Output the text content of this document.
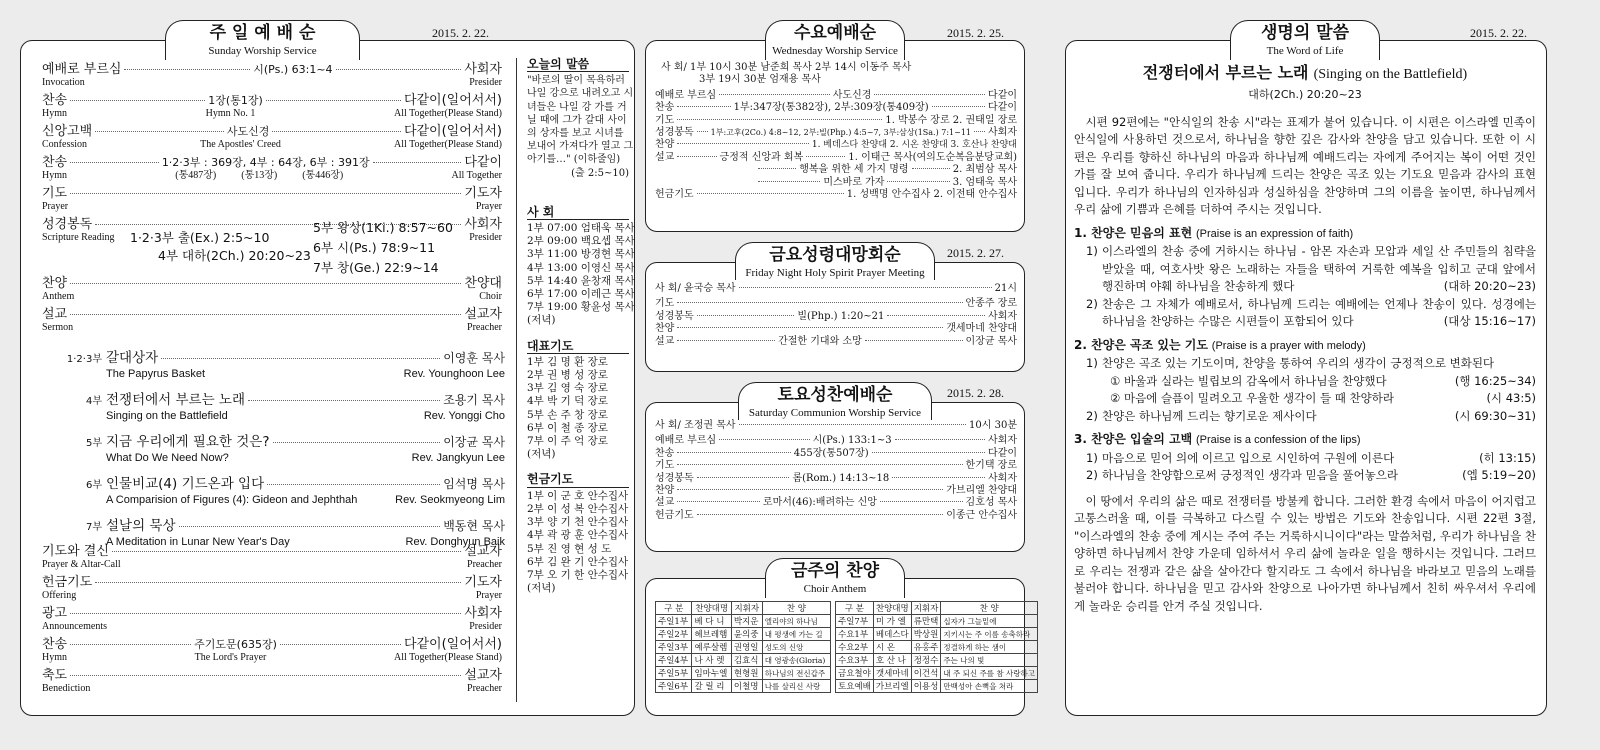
주 일 예 배 순
Sunday Worship Service
2015. 2. 22.
예배로 부르심	시(Ps.) 63:1~4	사회자
Invocation	Presider
찬송	1장(통1장)	다같이(일어서서)
Hymn	Hymn No. 1	All Together(Please Stand)
신앙고백	사도신경	다같이(일어서서)
Confession	The Apostles' Creed	All Together(Please Stand)
찬송	1·2·3부 : 369장, 4부 : 64장, 6부 : 391장	다같이
Hymn	(통487장)          (통13장)          (통446장)	All Together
기도	기도자
Prayer	Prayer
성경봉독	사회자
Scripture Reading	Presider
1·2·3부 출(Ex.) 2:5~10
4부 대하(2Ch.) 20:20~23
5부 왕상(1Ki.) 8:57~60
6부 시(Ps.) 78:9~11
7부 창(Ge.) 22:9~14
찬양	찬양대
Anthem	Choir
설교	설교자
Sermon	Preacher
1·2·3부 갈대상자	이영훈 목사
The Papyrus Basket	Rev. Younghoon Lee
4부 전쟁터에서 부르는 노래	조용기 목사
Singing on the Battlefield	Rev. Yonggi Cho
5부 지금 우리에게 필요한 것은?	이장균 목사
What Do We Need Now?	Rev. Jangkyun Lee
6부 인물비교(4) 기드온과 입다	임석명 목사
A Comparision of Figures (4): Gideon and Jephthah	Rev. Seokmyeong Lim
7부 설날의 묵상	백동현 목사
A Meditation in Lunar New Year's Day	Rev. Donghyun Baik
기도와 결신	설교자
Prayer & Altar-Call	Preacher
헌금기도	기도자
Offering	Prayer
광고	사회자
Announcements	Presider
찬송	주기도문(635장)	다같이(일어서서)
Hymn	The Lord's Prayer	All Together(Please Stand)
축도	설교자
Benediction	Preacher
오늘의 말씀
"바로의 딸이 목욕하러
나일 강으로 내려오고 시
녀들은 나일 강 가를 거
닐 때에 그가 갈대 사이
의 상자를 보고 시녀를
보내어 가져다가 열고 그
아기를…" (이하줄임)
(출 2:5~10)
사 회
1부 07:00 엄태욱 목사
2부 09:00 백요셉 목사
3부 11:00 방경현 목사
4부 13:00 이영신 목사
5부 14:40 윤창재 목사
6부 17:00 이레근 목사
7부 19:00 황윤성 목사
(저녁)
대표기도
1부 김 명 환 장로
2부 권 병 성 장로
3부 김 영 숙 장로
4부 박 기 덕 장로
5부 손 주 창 장로
6부 이 철 종 장로
7부 이 주 억 장로
(저녁)
헌금기도
1부 이 군 호 안수집사
2부 이 성 복 안수집사
3부 양 기 천 안수집사
4부 곽 광 훈 안수집사
5부 진 영 현 성 도
6부 김 완 기 안수집사
7부 오 기 한 안수집사
(저녁)
수요예배순
Wednesday Worship Service
2015. 2. 25.
사 회/ 1부 10시 30분 남준희 목사 2부 14시 이동주 목사
3부 19시 30분 엄재용 목사
예배로 부르심	사도신경	다같이
찬송	1부:347장(통382장), 2부:309장(통409장)	다같이
기도	1. 박봉수 장로 2. 권태일 장로
성경봉독 1부:고후(2Co.) 4:8~12, 2부:빌(Php.) 4:5~7, 3부:삼상(1Sa.) 7:1~11 사회자
찬양	1. 베데스다 찬양대 2. 시온 찬양대 3. 호산나 찬양대
설교	긍정적 신앙과 회복	1. 이태근 목사(여의도순복음분당교회)
행복을 위한 세 가지 명령	2. 최범삼 목사
미스바로 가자	3. 엄태욱 목사
헌금기도	1. 성백명 안수집사 2. 이전태 안수집사
금요성령대망회순
Friday Night Holy Spirit Prayer Meeting
2015. 2. 27.
사 회/ 윤국승 목사	21시
기도	안종주 장로
성경봉독	빌(Php.) 1:20~21	사회자
찬양	갯세마네 찬양대
설교	간절한 기대와 소망	이장균 목사
토요성찬예배순
Saturday Communion Worship Service
2015. 2. 28.
사 회/ 조정권 목사	10시 30분
예배로 부르심	시(Ps.) 133:1~3	사회자
찬송	455장(통507장)	다같이
기도	한기택 장로
성경봉독	롬(Rom.) 14:13~18	사회자
찬양	가브리엘 찬양대
설교	로마서(46):배려하는 신앙	김호성 목사
헌금기도	이종근 안수집사
금주의 찬양
Choir Anthem
구 분	찬양대명	지휘자	찬 양
주일1부	베 다 니	박지운	엘리야의 하나님
주일2부	헤브레햄	윤의중	내 평생에 가는 길
주일3부	예루살렘	권영일	성도의 신앙
주일4부	나 사 렛	김효식	대 영광송(Gloria)
주일5부	임마누엘	현형원	하나님의 전신갑주
주일6부	갈 릴 리	이철명	나를 살리신 사랑
구 분	찬양대명	지휘자	찬 양
주일7부	미 가 엘	류만택	십자가 그늘밑에
수요1부	베데스다	박상원	지키시는 주 이름 송축하라
수요2부	시 온	유홍주	정결하게 하는 샘이
수요3부	호 산 나	정정수	주는 나의 빛
금요철야	갯세마네	이건석	내 주 되신 주를 참 사랑하고
토요예배	가브리엘	이용성	만백성아 손뼉을 쳐라
생명의 말씀
The Word of Life
2015. 2. 22.
전쟁터에서 부르는 노래 (Singing on the Battlefield)
대하(2Ch.) 20:20~23

시편 92편에는 "안식일의 찬송 시"라는 표제가 붙어 있습니다. 이 시편은 이스라엘 민족이 안식일에 사용하던 것으로서, 하나님을 향한 깊은 감사와 찬양을 담고 있습니다. 또한 이 시편은 우리를 향하신 하나님의 마음과 하나님께 예배드리는 자에게 주어지는 복이 어떤 것인가를 잘 보여 줍니다. 우리가 하나님께 드리는 찬양은 곡조 있는 기도요 믿음과 감사의 표현입니다. 우리가 하나님의 인자하심과 성실하심을 찬양하며 그의 이름을 높이면, 하나님께서 우리 삶에 기쁨과 은혜를 더하여 주시는 것입니다.

1. 찬양은 믿음의 표현 (Praise is an expression of faith)
1) 이스라엘의 찬송 중에 거하시는 하나님 - 암몬 자손과 모압과 세일 산 주민들의 침략을 받았을 때, 여호사밧 왕은 노래하는 자들을 택하여 거룩한 예복을 입히고 군대 앞에서 행진하며 야훼 하나님을 찬송하게 했다	(대하 20:20~23)
2) 찬송은 그 자체가 예배로서, 하나님께 드리는 예배에는 언제나 찬송이 있다. 성경에는 하나님을 찬양하는 수많은 시편들이 포함되어 있다	(대상 15:16~17)
2. 찬양은 곡조 있는 기도 (Praise is a prayer with melody)
1) 찬양은 곡조 있는 기도이며, 찬양을 통하여 우리의 생각이 긍정적으로 변화된다
① 바울과 실라는 빌립보의 감옥에서 하나님을 찬양했다	(행 16:25~34)
② 마음에 슬픔이 밀려오고 우울한 생각이 들 때 찬양하라	(시 43:5)
2) 찬양은 하나님께 드리는 향기로운 제사이다	(시 69:30~31)
3. 찬양은 입술의 고백 (Praise is a confession of the lips)
1) 마음으로 믿어 의에 이르고 입으로 시인하여 구원에 이른다	(히 13:15)
2) 하나님을 찬양함으로써 긍정적인 생각과 믿음을 풀어놓으라	(엡 5:19~20)

이 땅에서 우리의 삶은 때로 전쟁터를 방불케 합니다. 그러한 환경 속에서 마음이 어지럽고 고통스러울 때, 이를 극복하고 다스릴 수 있는 방법은 기도와 찬송입니다. 시편 22편 3절, "이스라엘의 찬송 중에 계시는 주여 주는 거룩하시니이다"라는 말씀처럼, 우리가 하나님을 찬양하면 하나님께서 찬양 가운데 임하셔서 우리 삶에 놀라운 일을 행하시는 것입니다. 그러므로 우리는 전쟁과 같은 삶을 살아간다 할지라도 그 속에서 하나님을 바라보고 믿음의 노래를 불러야 합니다. 하나님을 믿고 감사와 찬양으로 나아가면 하나님께서 친히 싸우셔서 우리에게 놀라운 승리를 안겨 주실 것입니다.
